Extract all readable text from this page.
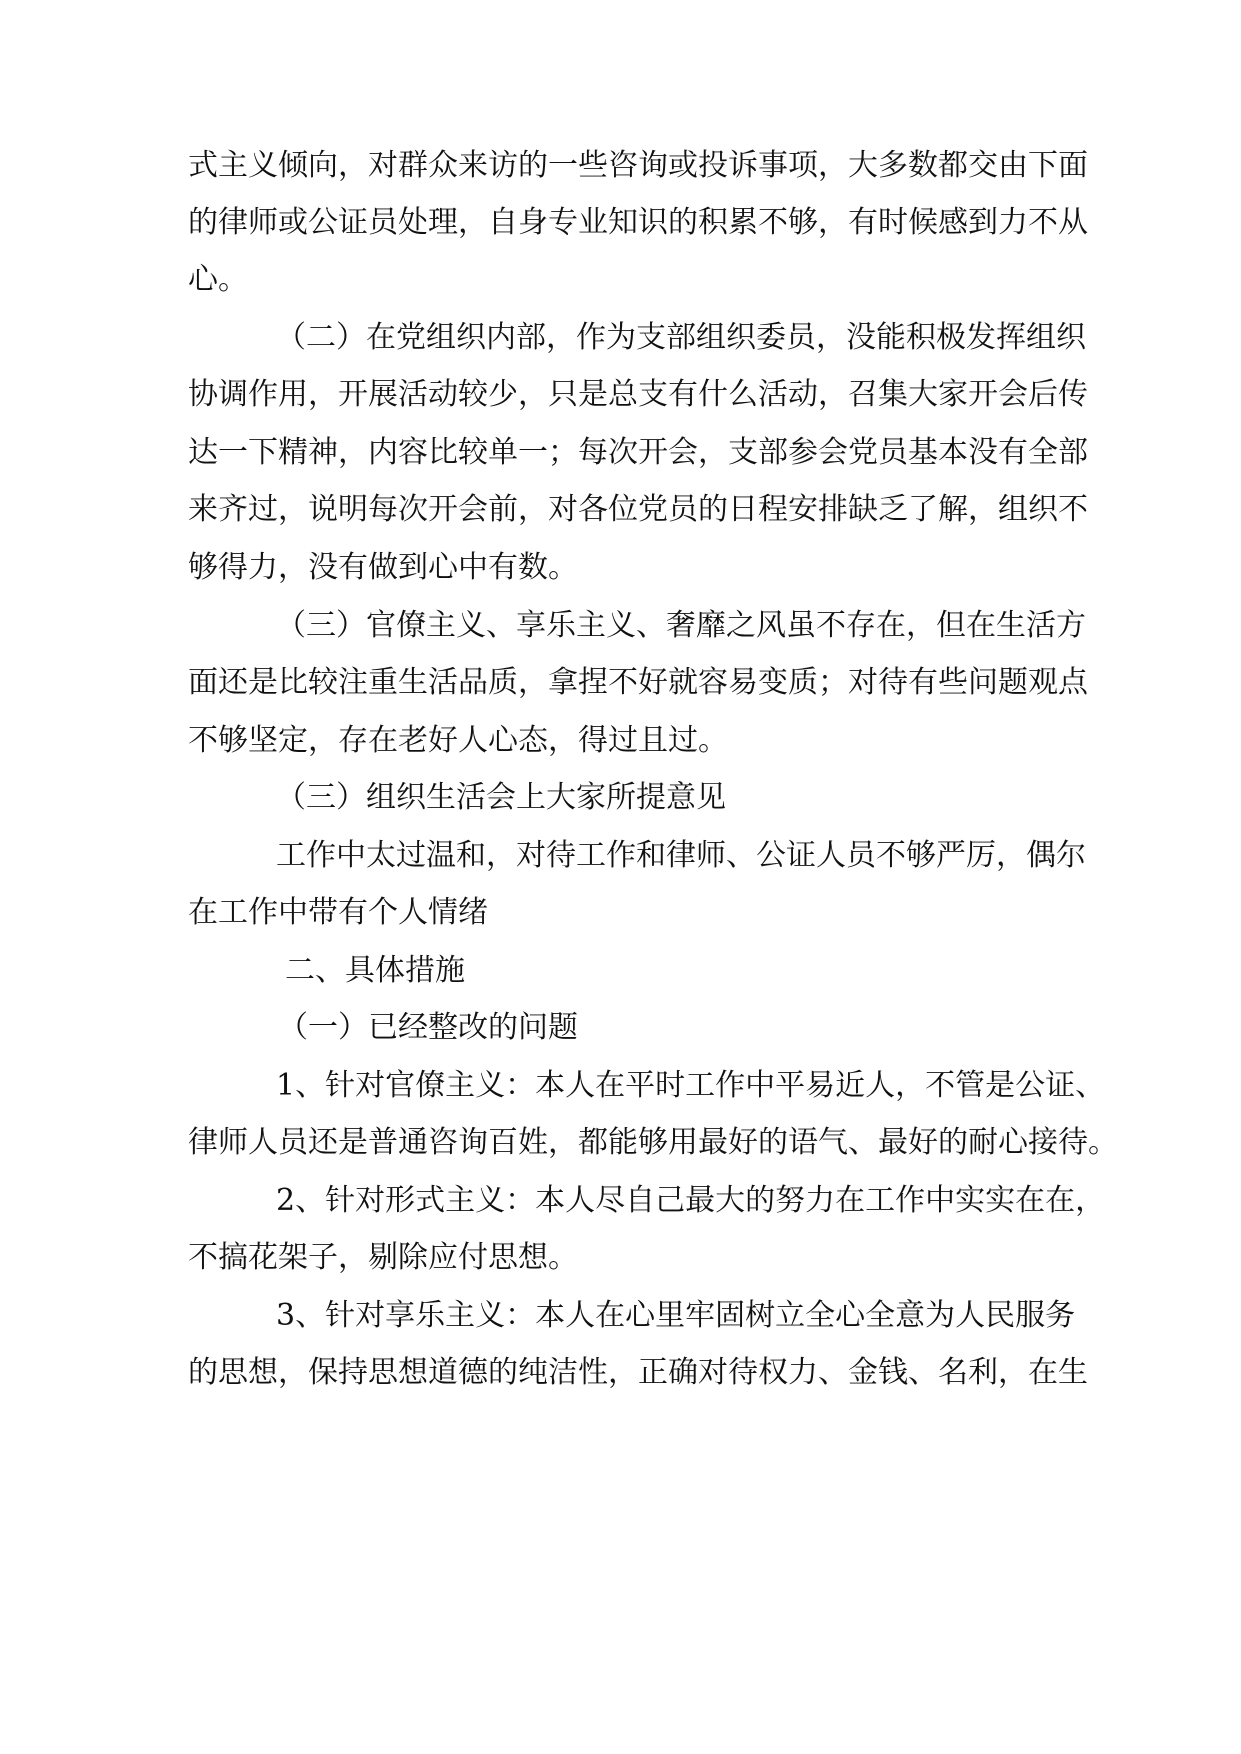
式主义倾向，对群众来访的一些咨询或投诉事项，大多数都交由下面
的律师或公证员处理，自身专业知识的积累不够，有时候感到力不从
心。
（二）在党组织内部，作为支部组织委员，没能积极发挥组织
协调作用，开展活动较少，只是总支有什么活动，召集大家开会后传
达一下精神，内容比较单一；每次开会，支部参会党员基本没有全部
来齐过，说明每次开会前，对各位党员的日程安排缺乏了解，组织不
够得力，没有做到心中有数。
（三）官僚主义、享乐主义、奢靡之风虽不存在，但在生活方
面还是比较注重生活品质，拿捏不好就容易变质；对待有些问题观点
不够坚定，存在老好人心态，得过且过。
（三）组织生活会上大家所提意见
工作中太过温和，对待工作和律师、公证人员不够严厉，偶尔
在工作中带有个人情绪
二、具体措施
（一）已经整改的问题
1、针对官僚主义：本人在平时工作中平易近人，不管是公证、
律师人员还是普通咨询百姓，都能够用最好的语气、最好的耐心接待。
2、针对形式主义：本人尽自己最大的努力在工作中实实在在，
不搞花架子，剔除应付思想。
3、针对享乐主义：本人在心里牢固树立全心全意为人民服务
的思想，保持思想道德的纯洁性，正确对待权力、金钱、名利，在生
